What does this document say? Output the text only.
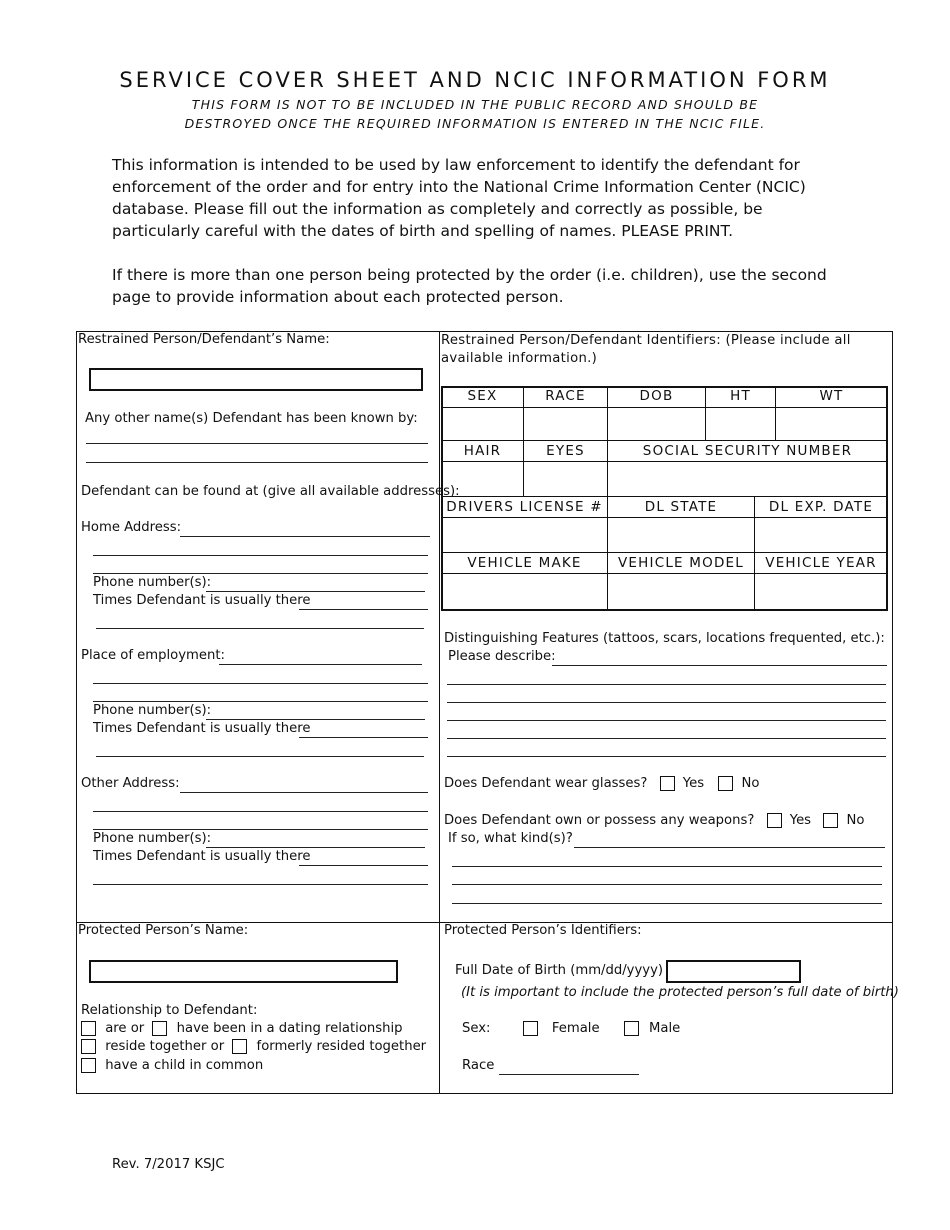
SERVICE COVER SHEET AND NCIC INFORMATION FORM
THIS FORM IS NOT TO BE INCLUDED IN THE PUBLIC RECORD AND SHOULD BE
DESTROYED ONCE THE REQUIRED INFORMATION IS ENTERED IN THE NCIC FILE.
This information is intended to be used by law enforcement to identify the defendant for enforcement of the order and for entry into the National Crime Information Center (NCIC) database. Please fill out the information as completely and correctly as possible, be particularly careful with the dates of birth and spelling of names. PLEASE PRINT.
If there is more than one person being protected by the order (i.e. children), use the second page to provide information about each protected person.
Restrained Person/Defendant’s Name:
Any other name(s) Defendant has been known by:
Defendant can be found at (give all available addresses):
Home Address:
Phone number(s):
Times Defendant is usually there
Place of employment:
Phone number(s):
Times Defendant is usually there
Other Address:
Phone number(s):
Times Defendant is usually there
Restrained Person/Defendant Identifiers: (Please include all available information.)
SEX	RACE	DOB	HT	WT
HAIR	EYES	SOCIAL SECURITY NUMBER
DRIVERS LICENSE #	DL STATE	DL EXP. DATE
VEHICLE MAKE	VEHICLE MODEL	VEHICLE YEAR
Distinguishing Features (tattoos, scars, locations frequented, etc.):
Please describe:
Does Defendant wear glasses?	Yes	No
Does Defendant own or possess any weapons?	Yes	No
If so, what kind(s)?
Protected Person’s Name:
Relationship to Defendant:
are or have been in a dating relationship
reside together or formerly resided together
have a child in common
Protected Person’s Identifiers:
Full Date of Birth (mm/dd/yyyy)
(It is important to include the protected person’s full date of birth)
Sex:	Female	Male
Race
Rev. 7/2017 KSJC
